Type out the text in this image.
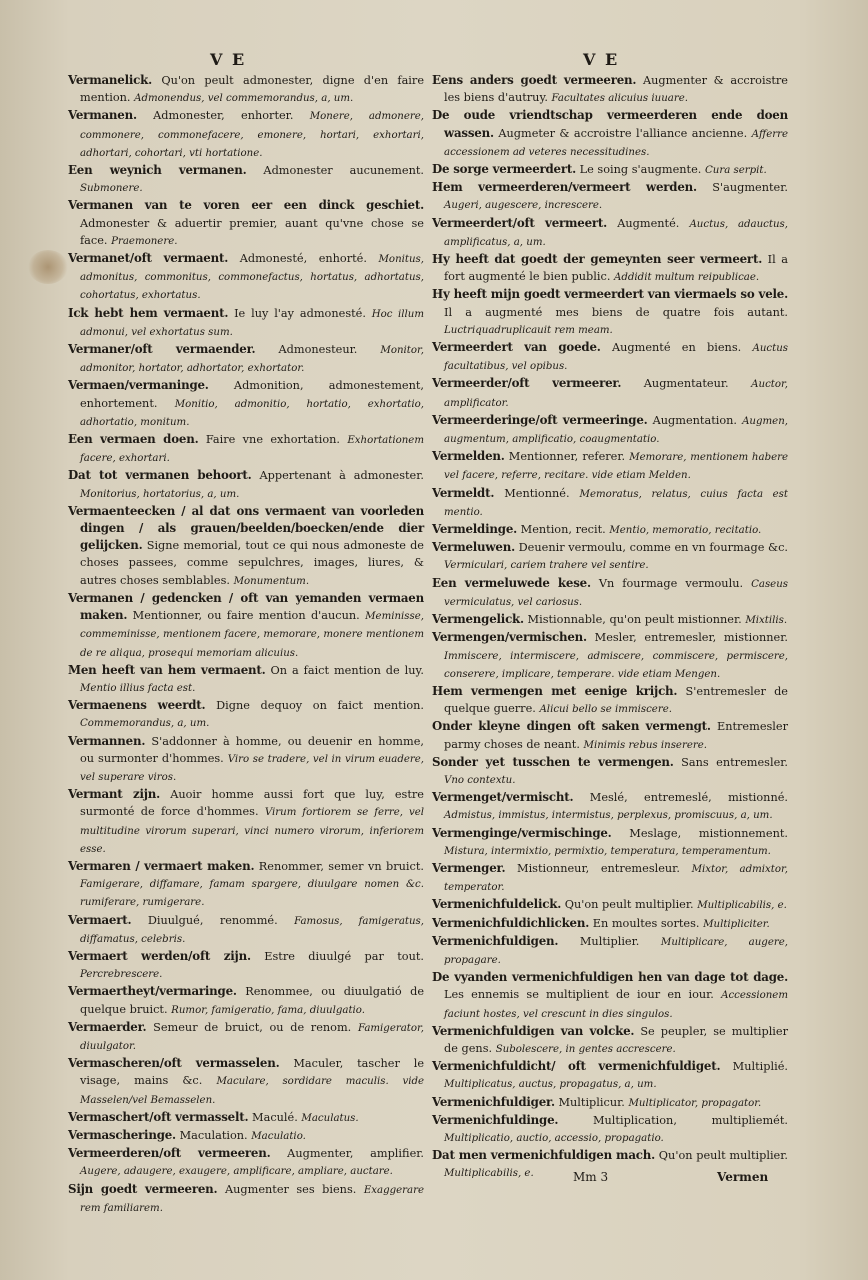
V E	V E

Vermanelick. Qu'on peult admonester, digne d'en faire mention. Admonendus, vel commemorandus, a, um.

Vermanen. Admonester, enhorter. Monere, admonere, commonere, commonefacere, emonere, hortari, exhortari, adhortari, cohortari, vti hortatione.

Een weynich vermanen. Admonester aucunement. Submonere.

Vermanen van te voren eer een dinck geschiet. Admonester & aduertir premier, auant qu'vne chose se face. Praemonere.

Vermanet/oft vermaent. Admonesté, enhorté. Monitus, admonitus, commonitus, commonefactus, hortatus, adhortatus, cohortatus, exhortatus.

Ick hebt hem vermaent. Ie luy l'ay admonesté. Hoc illum admonui, vel exhortatus sum.

Vermaner/oft vermaender. Admonesteur. Monitor, admonitor, hortator, adhortator, exhortator.

Vermaen/vermaninge. Admonition, admonestement, enhortement. Monitio, admonitio, hortatio, exhortatio, adhortatio, monitum.

Een vermaen doen. Faire vne exhortation. Exhortationem facere, exhortari.

Dat tot vermanen behoort. Appertenant à admonester. Monitorius, hortatorius, a, um.

Vermaenteecken / al dat ons vermaent van voorleden dingen / als grauen/beelden/boecken/ende dier gelijcken. Signe memorial, tout ce qui nous admoneste de choses passees, comme sepulchres, images, liures, & autres choses semblables. Monumentum.

Vermanen / gedencken / oft van yemanden vermaen maken. Mentionner, ou faire mention d'aucun. Meminisse, commeminisse, mentionem facere, memorare, monere mentionem de re aliqua, prosequi memoriam alicuius.

Men heeft van hem vermaent. On a faict mention de luy. Mentio illius facta est.

Vermaenens weerdt. Digne dequoy on faict mention. Commemorandus, a, um.

Vermannen. S'addonner à homme, ou deuenir en homme, ou surmonter d'hommes. Viro se tradere, vel in virum euadere, vel superare viros.

Vermant zijn. Auoir homme aussi fort que luy, estre surmonté de force d'hommes. Virum fortiorem se ferre, vel multitudine virorum superari, vinci numero virorum, inferiorem esse.

Vermaren / vermaert maken. Renommer, semer vn bruict. Famigerare, diffamare, famam spargere, diuulgare nomen &c. rumiferare, rumigerare.

Vermaert. Diuulgué, renommé. Famosus, famigeratus, diffamatus, celebris.

Vermaert werden/oft zijn. Estre diuulgé par tout. Percrebrescere.

Vermaertheyt/vermaringe. Renommee, ou diuulgatió de quelque bruict. Rumor, famigeratio, fama, diuulgatio.

Vermaerder. Semeur de bruict, ou de renom. Famigerator, diuulgator.

Vermascheren/oft vermasselen. Maculer, tascher le visage, mains &c. Maculare, sordidare maculis. vide Masselen/vel Bemasselen.

Vermaschert/oft vermasselt. Maculé. Maculatus.

Vermascheringe. Maculation. Maculatio.

Vermeerderen/oft vermeeren. Augmenter, amplifier. Augere, adaugere, exaugere, amplificare, ampliare, auctare.

Sijn goedt vermeeren. Augmenter ses biens. Exaggerare rem familiarem.

Eens anders goedt vermeeren. Augmenter & accroistre les biens d'autruy. Facultates alicuius iuuare.

De oude vriendtschap vermeerderen ende doen wassen. Augmeter & accroistre l'alliance ancienne. Afferre accessionem ad veteres necessitudines.

De sorge vermeerdert. Le soing s'augmente. Cura serpit.

Hem vermeerderen/vermeert werden. S'augmenter. Augeri, augescere, increscere.

Vermeerdert/oft vermeert. Augmenté. Auctus, adauctus, amplificatus, a, um.

Hy heeft dat goedt der gemeynten seer vermeert. Il a fort augmenté le bien public. Addidit multum reipublicae.

Hy heeft mijn goedt vermeerdert van viermaels so vele. Il a augmenté mes biens de quatre fois autant. Luctriquadruplicauit rem meam.

Vermeerdert van goede. Augmenté en biens. Auctus facultatibus, vel opibus.

Vermeerder/oft vermeerer. Augmentateur. Auctor, amplificator.

Vermeerderinge/oft vermeeringe. Augmentation. Augmen, augmentum, amplificatio, coaugmentatio.

Vermelden. Mentionner, referer. Memorare, mentionem habere vel facere, referre, recitare. vide etiam Melden.

Vermeldt. Mentionné. Memoratus, relatus, cuius facta est mentio.

Vermeldinge. Mention, recit. Mentio, memoratio, recitatio.

Vermeluwen. Deuenir vermoulu, comme en vn fourmage &c. Vermiculari, cariem trahere vel sentire.

Een vermeluwede kese. Vn fourmage vermoulu. Caseus vermiculatus, vel cariosus.

Vermengelick. Mistionnable, qu'on peult mistionner. Mixtilis.

Vermengen/vermischen. Mesler, entremesler, mistionner. Immiscere, intermiscere, admiscere, commiscere, permiscere, conserere, implicare, temperare. vide etiam Mengen.

Hem vermengen met eenige krijch. S'entremesler de quelque guerre. Alicui bello se immiscere.

Onder kleyne dingen oft saken vermengt. Entremesler parmy choses de neant. Minimis rebus inserere.

Sonder yet tusschen te vermengen. Sans entremesler. Vno contextu.

Vermenget/vermischt. Meslé, entremeslé, mistionné. Admistus, immistus, intermistus, perplexus, promiscuus, a, um.

Vermenginge/vermischinge. Meslage, mistionnement. Mistura, intermixtio, permixtio, temperatura, temperamentum.

Vermenger. Mistionneur, entremesleur. Mixtor, admixtor, temperator.

Vermenichfuldelick. Qu'on peult multiplier. Multiplicabilis, e.

Vermenichfuldichlicken. En moultes sortes. Multipliciter.

Vermenichfuldigen. Multiplier. Multiplicare, augere, propagare.

De vyanden vermenichfuldigen hen van dage tot dage. Les ennemis se multiplient de iour en iour. Accessionem faciunt hostes, vel crescunt in dies singulos.

Vermenichfuldigen van volcke. Se peupler, se multiplier de gens. Subolescere, in gentes accrescere.

Vermenichfuldicht/ oft vermenichfuldiget. Multiplié. Multiplicatus, auctus, propagatus, a, um.

Vermenichfuldiger. Multiplicur. Multiplicator, propagator.

Vermenichfuldinge.	Multiplication, multipliemét. Multiplicatio, auctio, accessio, propagatio.

Dat men vermenichfuldigen mach. Qu'on peult multiplier. Multiplicabilis, e.	Mm 3	Vermen
